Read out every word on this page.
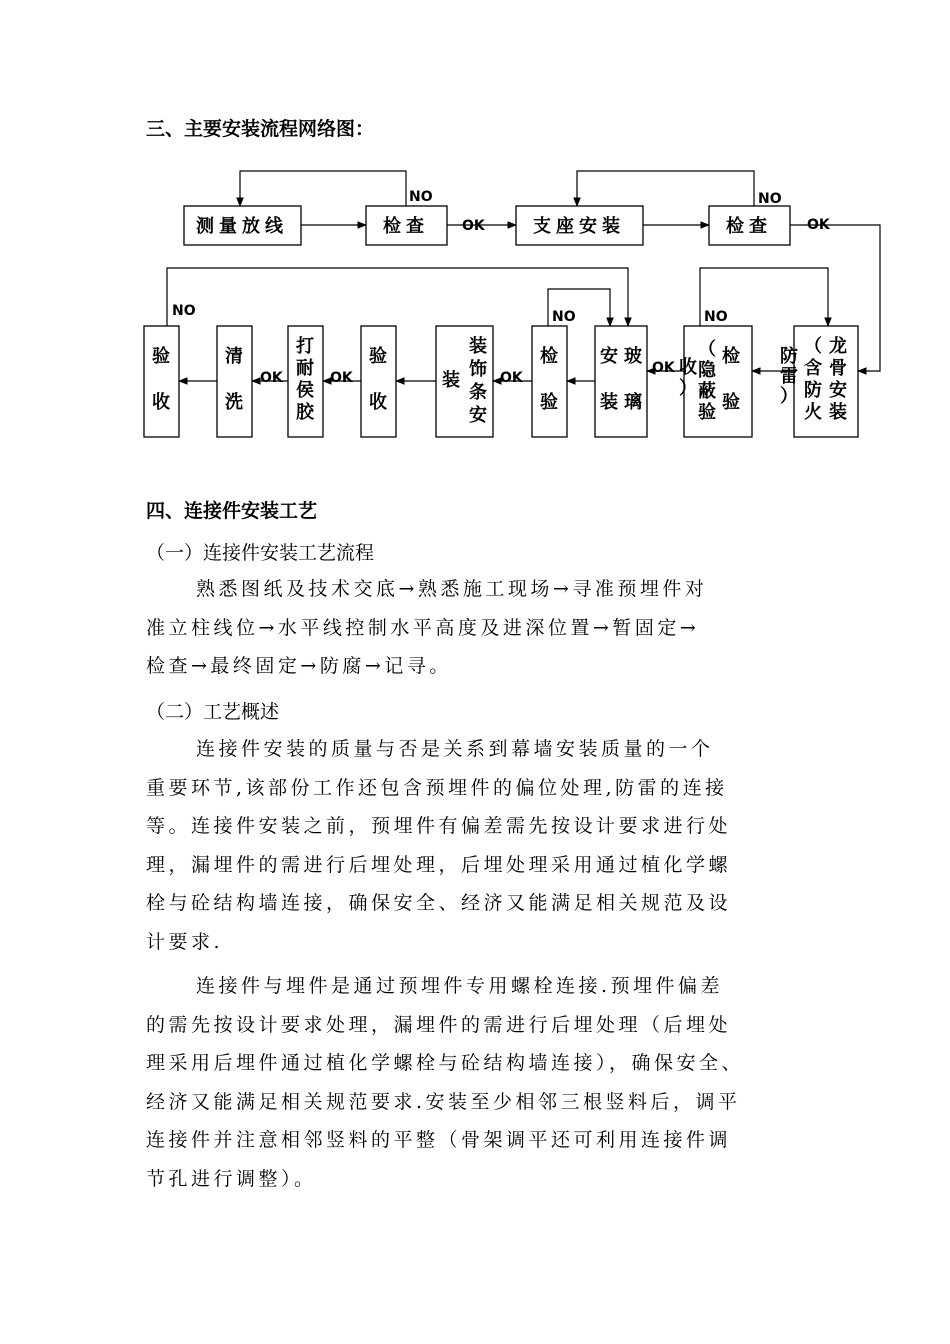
三、主要安装流程网络图：
NO	NO
NO
NO
NO
OK	OK
OK
OK
OK
OK
测量放线	检查	支座安装	检查
验
收
清
洗
打
耐
侯
胶
验
收
装
饰
条
安
装
检
验
玻
璃
安
装
检
验
（
隐
蔽
验
收
）
龙
骨
安
装
（
含
防
火
防
雷
）
四、连接件安装工艺
（一）连接件安装工艺流程
熟悉图纸及技术交底→熟悉施工现场→寻准预埋件对
准立柱线位→水平线控制水平高度及进深位置→暂固定→
检查→最终固定→防腐→记寻。
（二）工艺概述
连接件安装的质量与否是关系到幕墙安装质量的一个
重要环节,该部份工作还包含预埋件的偏位处理,防雷的连接
等。连接件安装之前，预埋件有偏差需先按设计要求进行处
理，漏埋件的需进行后埋处理，后埋处理采用通过植化学螺
栓与砼结构墙连接，确保安全、经济又能满足相关规范及设
计要求.
连接件与埋件是通过预埋件专用螺栓连接.预埋件偏差
的需先按设计要求处理，漏埋件的需进行后埋处理（后埋处
理采用后埋件通过植化学螺栓与砼结构墙连接），确保安全、
经济又能满足相关规范要求.安装至少相邻三根竖料后，调平
连接件并注意相邻竖料的平整（骨架调平还可利用连接件调
节孔进行调整）。
